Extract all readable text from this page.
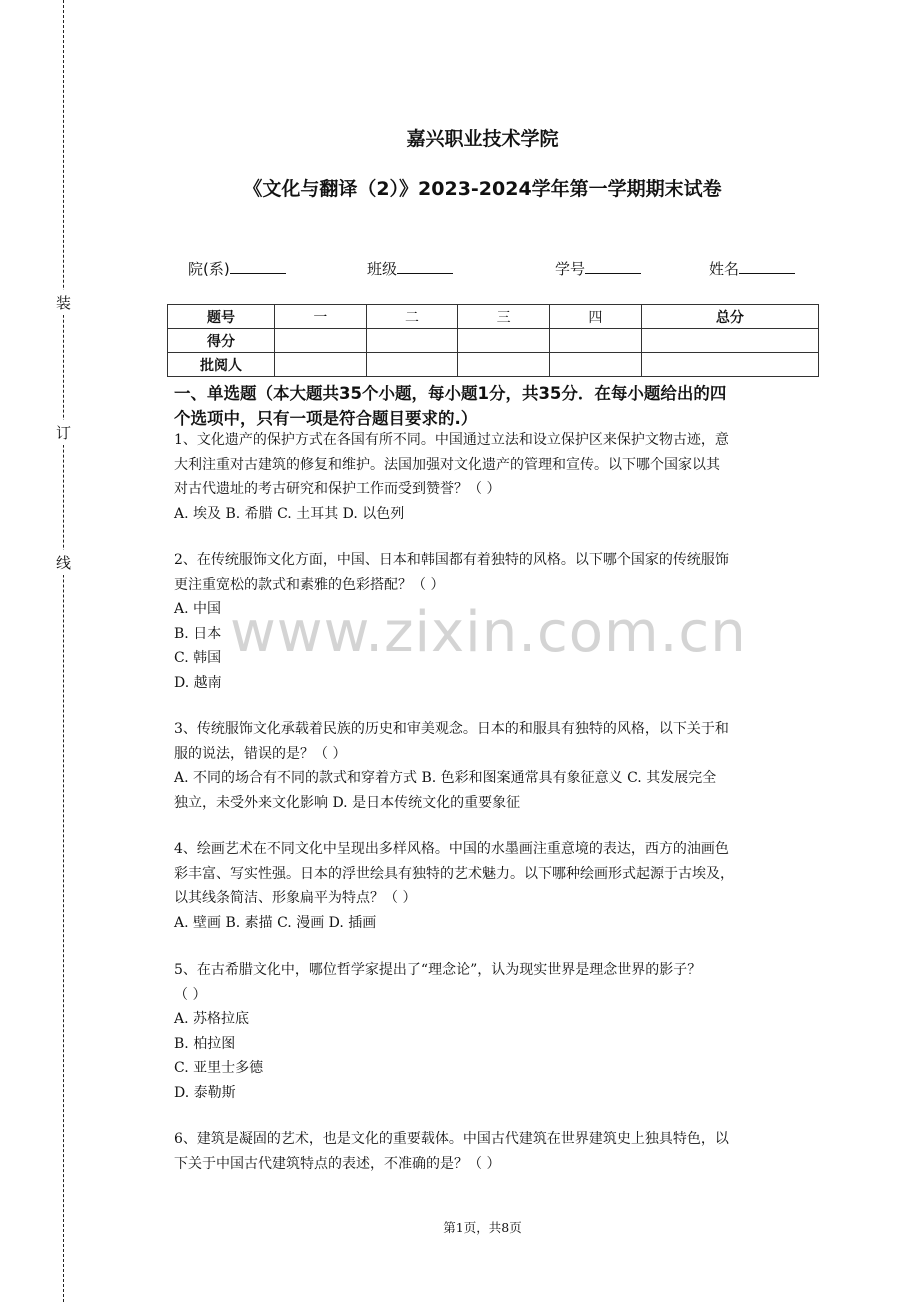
装
订
线
www.zixin.com.cn
嘉兴职业技术学院
《文化与翻译（2）》2023-2024学年第一学期期末试卷
院(系)	班级	学号	姓名
题号	一	二	三	四	总分
得分					
批阅人					
一、单选题（本大题共35个小题，每小题1分，共35分．在每小题给出的四
个选项中，只有一项是符合题目要求的.）

1、文化遗产的保护方式在各国有所不同。中国通过立法和设立保护区来保护文物古迹，意

大利注重对古建筑的修复和维护。法国加强对文化遗产的管理和宣传。以下哪个国家以其

对古代遗址的考古研究和保护工作而受到赞誉？（ ）

A. 埃及 B. 希腊 C. 土耳其 D. 以色列

2、在传统服饰文化方面，中国、日本和韩国都有着独特的风格。以下哪个国家的传统服饰

更注重宽松的款式和素雅的色彩搭配？（ ）

A. 中国

B. 日本

C. 韩国

D. 越南

3、传统服饰文化承载着民族的历史和审美观念。日本的和服具有独特的风格，以下关于和

服的说法，错误的是？（ ）

A. 不同的场合有不同的款式和穿着方式 B. 色彩和图案通常具有象征意义 C. 其发展完全

独立，未受外来文化影响 D. 是日本传统文化的重要象征

4、绘画艺术在不同文化中呈现出多样风格。中国的水墨画注重意境的表达，西方的油画色

彩丰富、写实性强。日本的浮世绘具有独特的艺术魅力。以下哪种绘画形式起源于古埃及，

以其线条简洁、形象扁平为特点？（ ）

A. 壁画 B. 素描 C. 漫画 D. 插画

5、在古希腊文化中，哪位哲学家提出了“理念论”，认为现实世界是理念世界的影子？

（ ）

A. 苏格拉底

B. 柏拉图

C. 亚里士多德

D. 泰勒斯

6、建筑是凝固的艺术，也是文化的重要载体。中国古代建筑在世界建筑史上独具特色，以

下关于中国古代建筑特点的表述，不准确的是？（ ）

第1页，共8页
